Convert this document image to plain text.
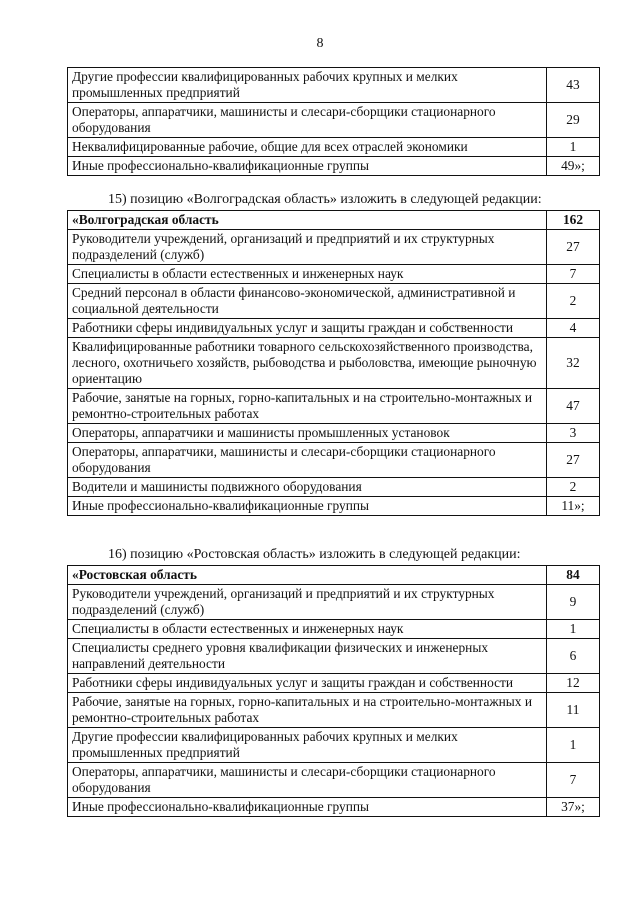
8
Другие профессии квалифицированных рабочих крупных и мелких промышленных предприятий	43
Операторы, аппаратчики, машинисты и слесари-сборщики стационарного оборудования	29
Неквалифицированные рабочие, общие для всех отраслей экономики	1
Иные профессионально-квалификационные группы	49»;
15) позицию «Волгоградская область» изложить в следующей редакции:
«Волгоградская область	162
Руководители учреждений, организаций и предприятий и их структурных подразделений (служб)	27
Специалисты в области естественных и инженерных наук	7
Средний персонал в области финансово-экономической, административной и социальной деятельности	2
Работники сферы индивидуальных услуг и защиты граждан и собственности	4
Квалифицированные работники товарного сельскохозяйственного производства, лесного, охотничьего хозяйств, рыбоводства и рыболовства, имеющие рыночную ориентацию	32
Рабочие, занятые на горных, горно-капитальных и на строительно-монтажных и ремонтно-строительных работах	47
Операторы, аппаратчики и машинисты промышленных установок	3
Операторы, аппаратчики, машинисты и слесари-сборщики стационарного оборудования	27
Водители и машинисты подвижного оборудования	2
Иные профессионально-квалификационные группы	11»;
16) позицию «Ростовская область» изложить в следующей редакции:
«Ростовская область	84
Руководители учреждений, организаций и предприятий и их структурных подразделений (служб)	9
Специалисты в области естественных и инженерных наук	1
Специалисты среднего уровня квалификации физических и инженерных направлений деятельности	6
Работники сферы индивидуальных услуг и защиты граждан и собственности	12
Рабочие, занятые на горных, горно-капитальных и на строительно-монтажных и ремонтно-строительных работах	11
Другие профессии квалифицированных рабочих крупных и мелких промышленных предприятий	1
Операторы, аппаратчики, машинисты и слесари-сборщики стационарного оборудования	7
Иные профессионально-квалификационные группы	37»;
